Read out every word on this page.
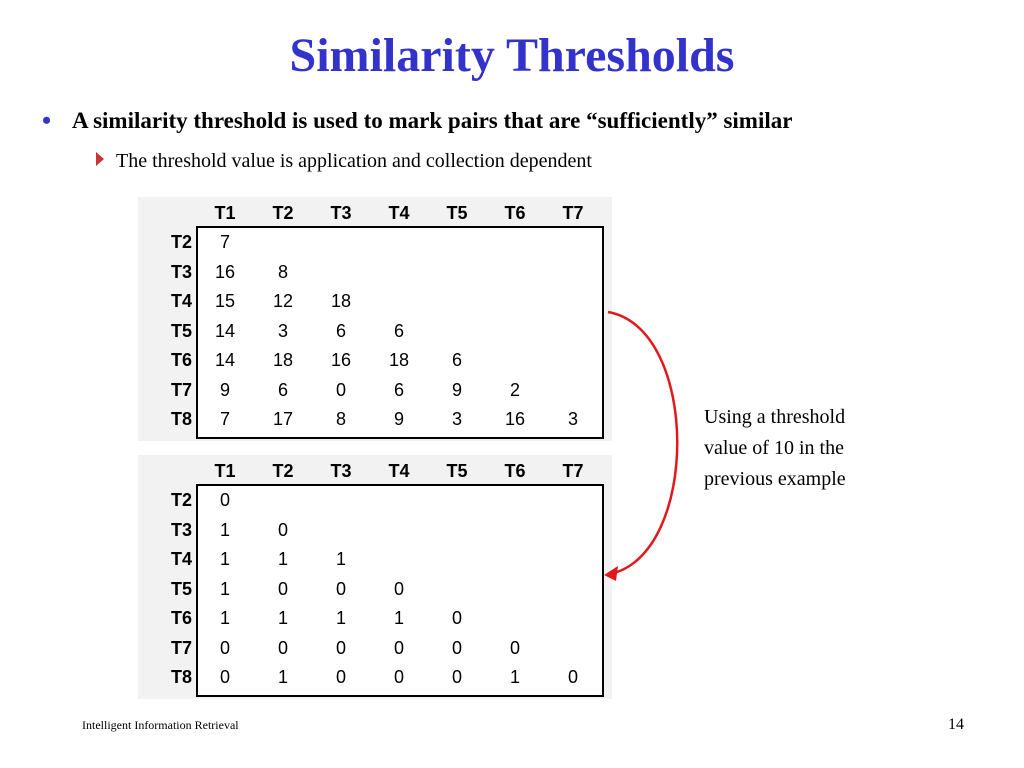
Similarity Thresholds
• A similarity threshold is used to mark pairs that are “sufficiently” similar
The threshold value is application and collection dependent
T1	T2	T3	T4	T5	T6	T7
T2	7
T3	16	8
T4	15	12	18
T5	14	3	6	6
T6	14	18	16	18	6
T7	9	6	0	6	9	2
T8	7	17	8	9	3	16	3
T1	T2	T3	T4	T5	T6	T7
T2	0
T3	1	0
T4	1	1	1
T5	1	0	0	0
T6	1	1	1	1	0
T7	0	0	0	0	0	0
T8	0	1	0	0	0	1	0
Using a threshold
value of 10 in the
previous example
Intelligent Information Retrieval	14
